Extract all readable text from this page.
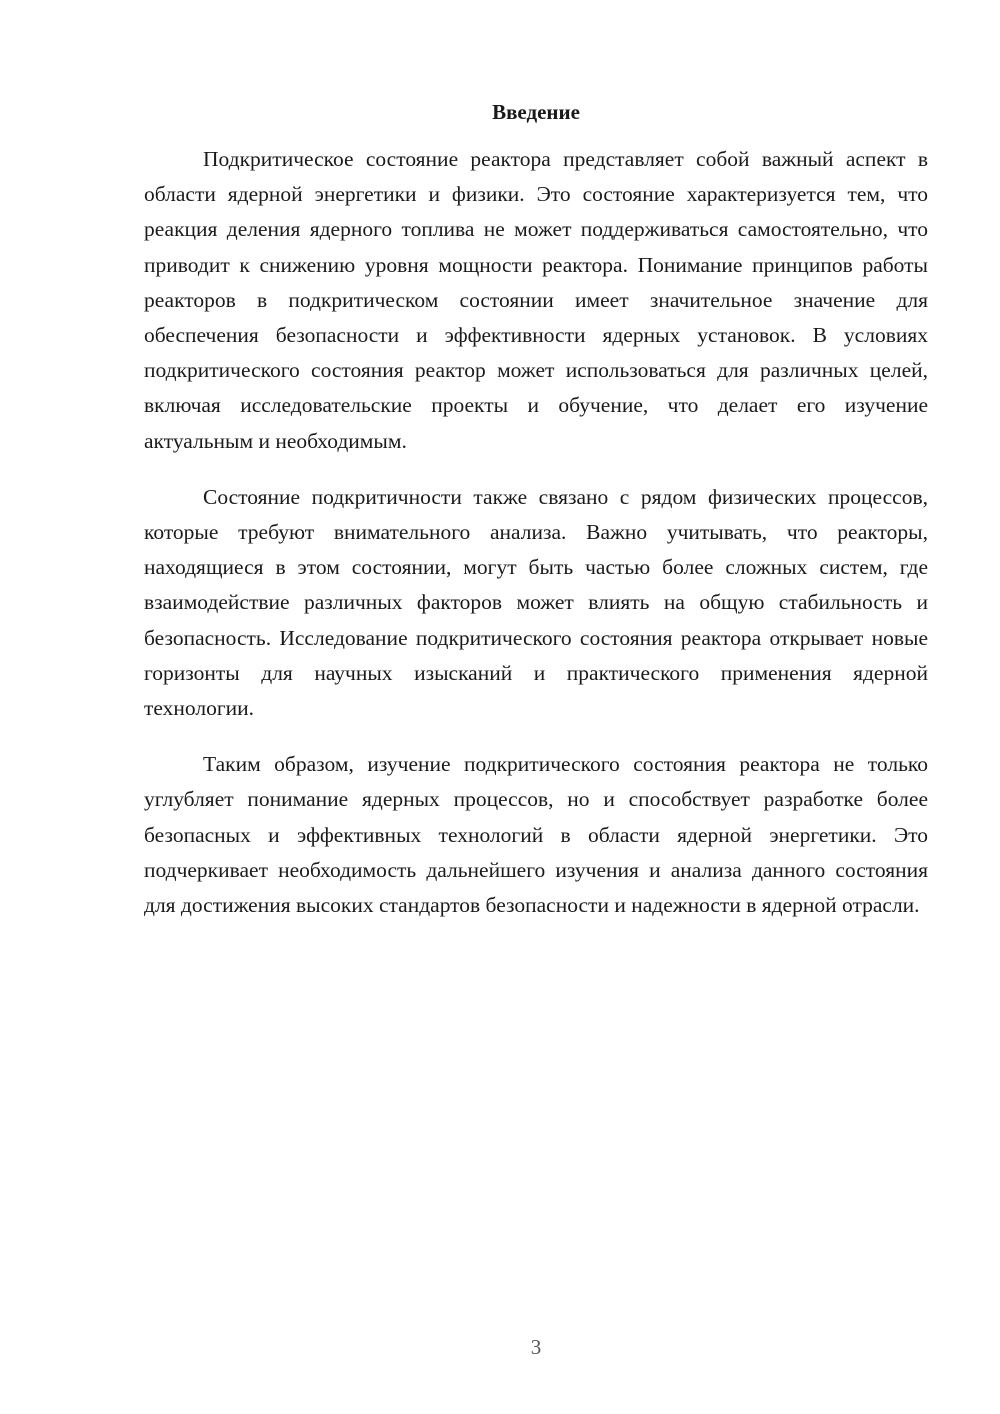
Введение

Подкритическое состояние реактора представляет собой важный аспект в области ядерной энергетики и физики. Это состояние характеризуется тем, что реакция деления ядерного топлива не может поддерживаться самостоятельно, что приводит к снижению уровня мощности реактора. Понимание принципов работы реакторов в подкритическом состоянии имеет значительное значение для обеспечения безопасности и эффективности ядерных установок. В условиях подкритического состояния реактор может использоваться для различных целей, включая исследовательские проекты и обучение, что делает его изучение актуальным и необходимым.

Состояние подкритичности также связано с рядом физических процессов, которые требуют внимательного анализа. Важно учитывать, что реакторы, находящиеся в этом состоянии, могут быть частью более сложных систем, где взаимодействие различных факторов может влиять на общую стабильность и безопасность. Исследование подкритического состояния реактора открывает новые горизонты для научных изысканий и практического применения ядерной технологии.

Таким образом, изучение подкритического состояния реактора не только углубляет понимание ядерных процессов, но и способствует разработке более безопасных и эффективных технологий в области ядерной энергетики. Это подчеркивает необходимость дальнейшего изучения и анализа данного состояния для достижения высоких стандартов безопасности и надежности в ядерной отрасли.

3
